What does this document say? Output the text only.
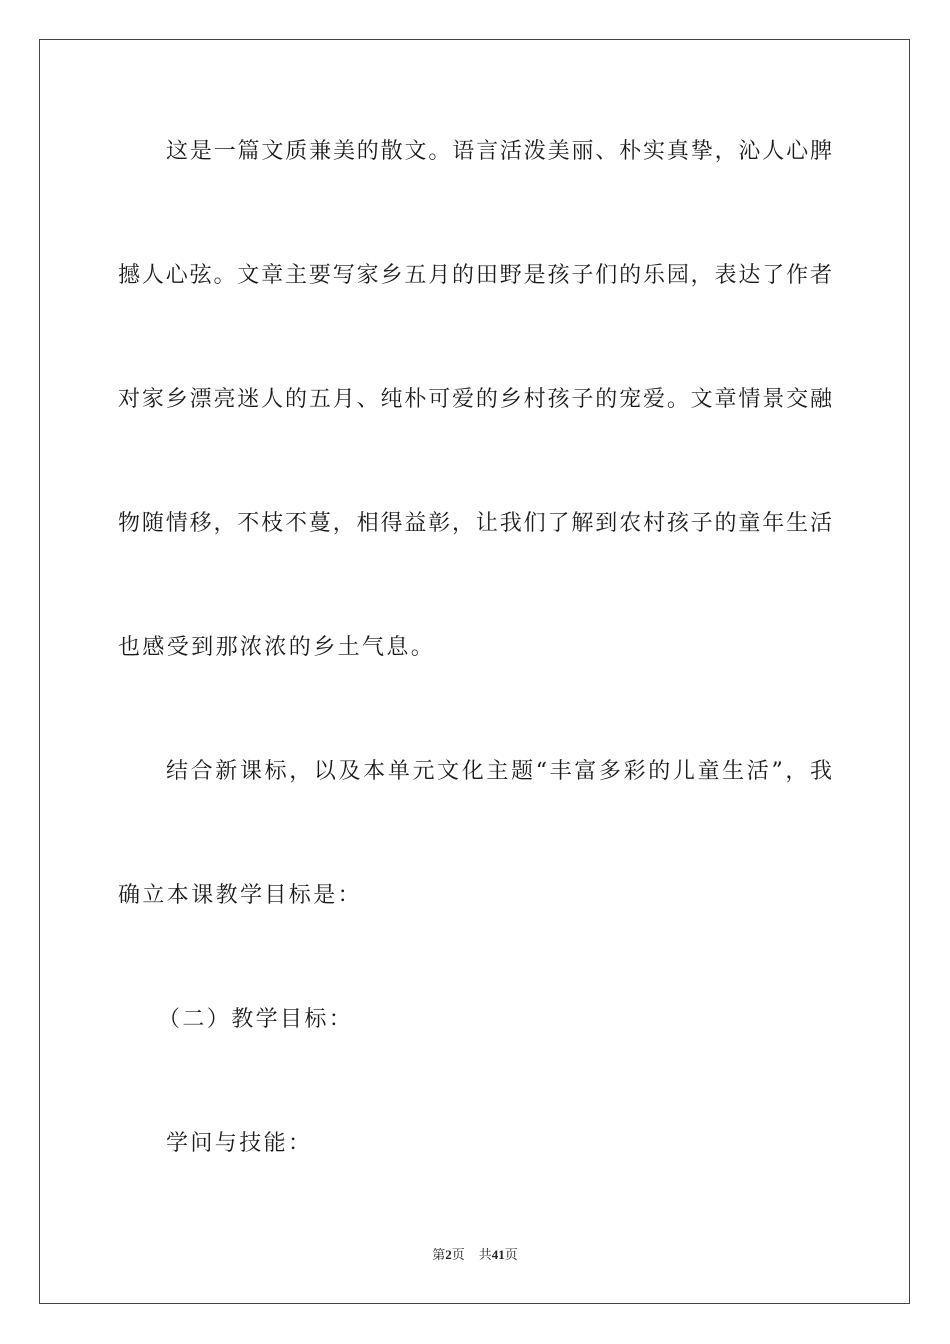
这是一篇文质兼美的散文。语言活泼美丽、朴实真挚，沁人心脾
撼人心弦。文章主要写家乡五月的田野是孩子们的乐园，表达了作者
对家乡漂亮迷人的五月、纯朴可爱的乡村孩子的宠爱。文章情景交融
物随情移，不枝不蔓，相得益彰，让我们了解到农村孩子的童年生活
也感受到那浓浓的乡土气息。
结合新课标，以及本单元文化主题“丰富多彩的儿童生活”，我
确立本课教学目标是：
（二）教学目标：
学问与技能：
第2页 共41页
